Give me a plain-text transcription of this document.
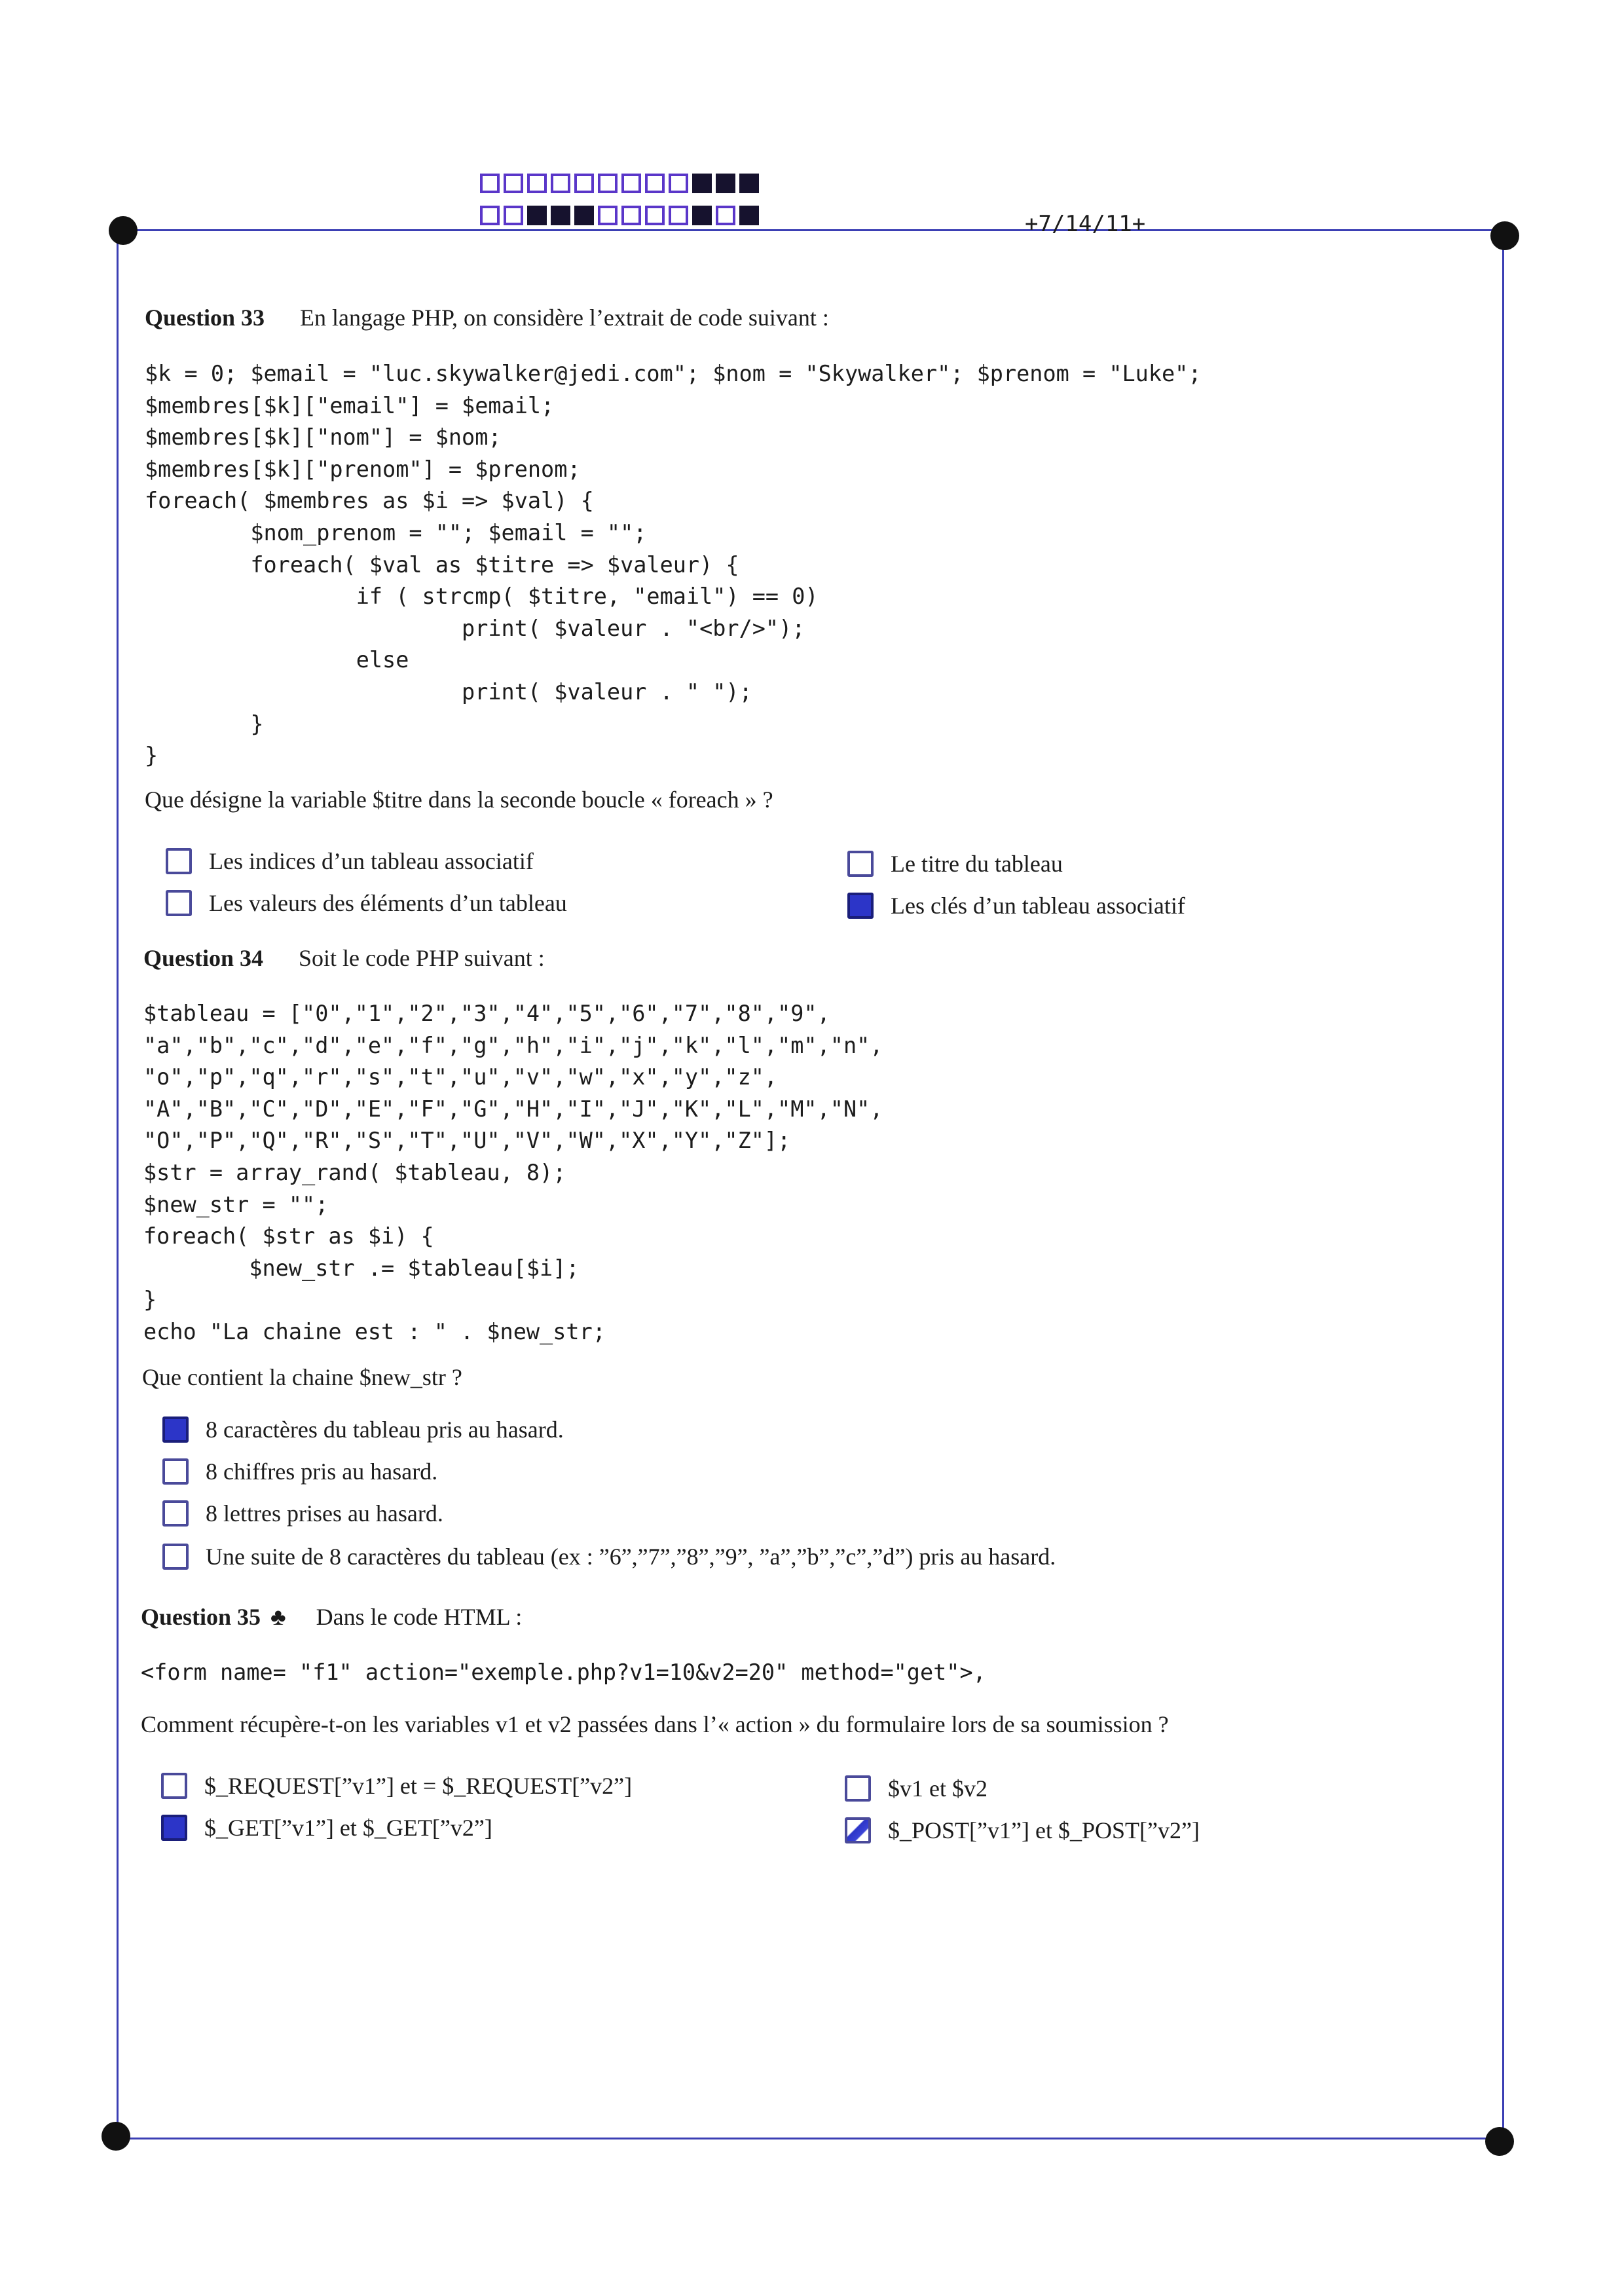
+7/14/11+
Question 33 En langage PHP, on considère l’extrait de code suivant :
$k = 0; $email = "luc.skywalker@jedi.com"; $nom = "Skywalker"; $prenom = "Luke";
$membres[$k]["email"] = $email;
$membres[$k]["nom"] = $nom;
$membres[$k]["prenom"] = $prenom;
foreach( $membres as $i => $val) {
$nom_prenom = ""; $email = "";
foreach( $val as $titre => $valeur) {
if ( strcmp( $titre, "email") == 0)
print( $valeur . "<br/>");
else
print( $valeur . " ");
}
}
Que désigne la variable $titre dans la seconde boucle « foreach » ?
Les indices d’un tableau associatif	Le titre du tableau
Les valeurs des éléments d’un tableau	Les clés d’un tableau associatif
Question 34 Soit le code PHP suivant :
$tableau = ["0","1","2","3","4","5","6","7","8","9",
"a","b","c","d","e","f","g","h","i","j","k","l","m","n",
"o","p","q","r","s","t","u","v","w","x","y","z",
"A","B","C","D","E","F","G","H","I","J","K","L","M","N",
"O","P","Q","R","S","T","U","V","W","X","Y","Z"];
$str = array_rand( $tableau, 8);
$new_str = "";
foreach( $str as $i) {
$new_str .= $tableau[$i];
}
echo "La chaine est : " . $new_str;
Que contient la chaine $new_str ?
8 caractères du tableau pris au hasard.
8 chiffres pris au hasard.
8 lettres prises au hasard.
Une suite de 8 caractères du tableau (ex : ”6”,”7”,”8”,”9”, ”a”,”b”,”c”,”d”) pris au hasard.
Question 35 ♣ Dans le code HTML :
<form name= "f1" action="exemple.php?v1=10&v2=20" method="get">,
Comment récupère-t-on les variables v1 et v2 passées dans l’« action » du formulaire lors de sa soumission ?
$_REQUEST[”v1”] et = $_REQUEST[”v2”]	$v1 et $v2
$_GET[”v1”] et $_GET[”v2”]	$_POST[”v1”] et $_POST[”v2”]
